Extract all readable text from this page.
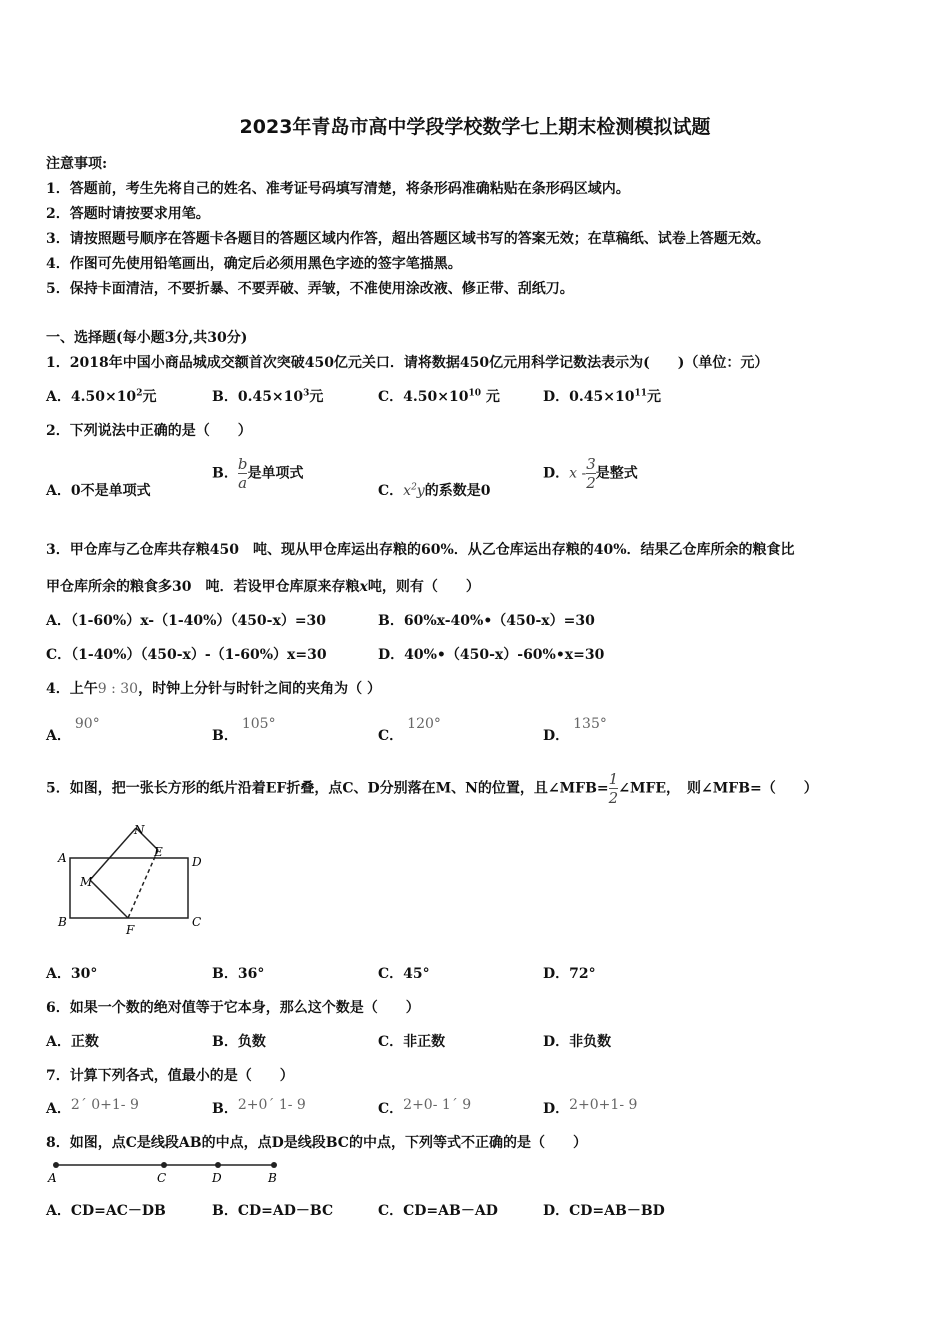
2023年青岛市高中学段学校数学七上期末检测模拟试题
注意事项:
1．答题前，考生先将自己的姓名、准考证号码填写清楚，将条形码准确粘贴在条形码区域内。
2．答题时请按要求用笔。
3．请按照题号顺序在答题卡各题目的答题区域内作答，超出答题区域书写的答案无效；在草稿纸、试卷上答题无效。
4．作图可先使用铅笔画出，确定后必须用黑色字迹的签字笔描黑。
5．保持卡面清洁，不要折暴、不要弄破、弄皱，不准使用涂改液、修正带、刮纸刀。
一、选择题(每小题3分,共30分)
1．2018年中国小商品城成交额首次突破450亿元关口．请将数据450亿元用科学记数法表示为(　　)（单位：元）
A．$4.50\times 10^2$元	B．$0.45\times 10^3$元	C．$4.50\times 10^{10}$ 元	D．$0.45\times 10^{11}$元
2．下列说法中正确的是（　　）
A．0不是单项式
B． $\frac{b}{a}$ 是单项式
C．$x^2y$的系数是0
D．x - $\frac{3}{2}$ 是整式
3．甲仓库与乙仓库共存粮450　吨、现从甲仓库运出存粮的60%．从乙仓库运出存粮的40%．结果乙仓库所余的粮食比
甲仓库所余的粮食多30　吨．若设甲仓库原来存粮x吨，则有（　　）
A．（1-60%）x-（1-40%）（450-x）=30	B．60%x-40%•（450-x）=30
C．（1-40%）（450-x）-（1-60%）x=30	D．40%•（450-x）-60%•x=30
4．上午9 : 30，时钟上分针与时针之间的夹角为（ ）
A．90°
B．105°
C．120°
D．135°
5．如图，把一张长方形的纸片沿着EF折叠，点C、D分别落在M、N的位置，且∠MFB= $\frac{1}{2}$ ∠MFE，　则∠MFB=（　　）
A
B	C
D
E
F
M
N
A．30°	B．36°	C．45°	D．72°
6．如果一个数的绝对值等于它本身，那么这个数是（　　）
A．正数	B．负数	C．非正数	D．非负数
7．计算下列各式，值最小的是（　　）
A．2´ 0+1- 9	B．2+0´ 1- 9	C．2+0- 1´ 9	D．2+0+1- 9
8．如图，点C是线段AB的中点，点D是线段BC的中点，下列等式不正确的是（　　）
A	C	D	B
A．CD=AC－DB	B．CD=AD－BC	C．CD=AB－AD	D．CD=AB－BD
